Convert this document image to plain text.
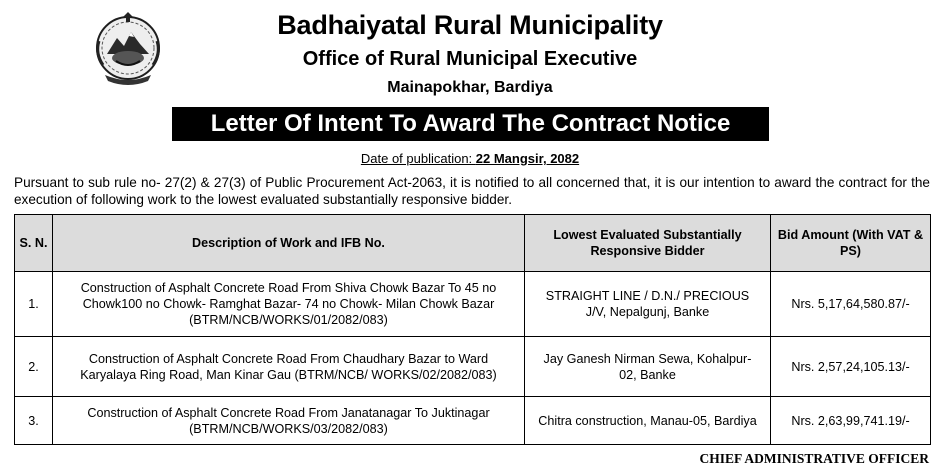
Badhaiyatal Rural Municipality
Office of Rural Municipal Executive
Mainapokhar, Bardiya
Letter Of Intent To Award The Contract Notice
Date of publication: 22 Mangsir, 2082

Pursuant to sub rule no- 27(2) & 27(3) of Public Procurement Act-2063, it is notified to all concerned that, it is our intention to award the contract for the execution of following work to the lowest evaluated substantially responsive bidder.

S. N.	Description of Work and IFB No.	Lowest Evaluated Substantially Responsive Bidder	Bid Amount (With VAT & PS)
1.	Construction of Asphalt Concrete Road From Shiva Chowk Bazar To 45 no Chowk100 no Chowk- Ramghat Bazar- 74 no Chowk- Milan Chowk Bazar (BTRM/NCB/WORKS/01/2082/083)	STRAIGHT LINE / D.N./ PRECIOUS J/V, Nepalgunj, Banke	Nrs. 5,17,64,580.87/-
2.	Construction of Asphalt Concrete Road From Chaudhary Bazar to Ward Karyalaya Ring Road, Man Kinar Gau (BTRM/NCB/ WORKS/02/2082/083)	Jay Ganesh Nirman Sewa, Kohalpur-02, Banke	Nrs. 2,57,24,105.13/-
3.	Construction of Asphalt Concrete Road From Janatanagar To Juktinagar (BTRM/NCB/WORKS/03/2082/083)	Chitra construction, Manau-05, Bardiya	Nrs. 2,63,99,741.19/-
CHIEF ADMINISTRATIVE OFFICER
